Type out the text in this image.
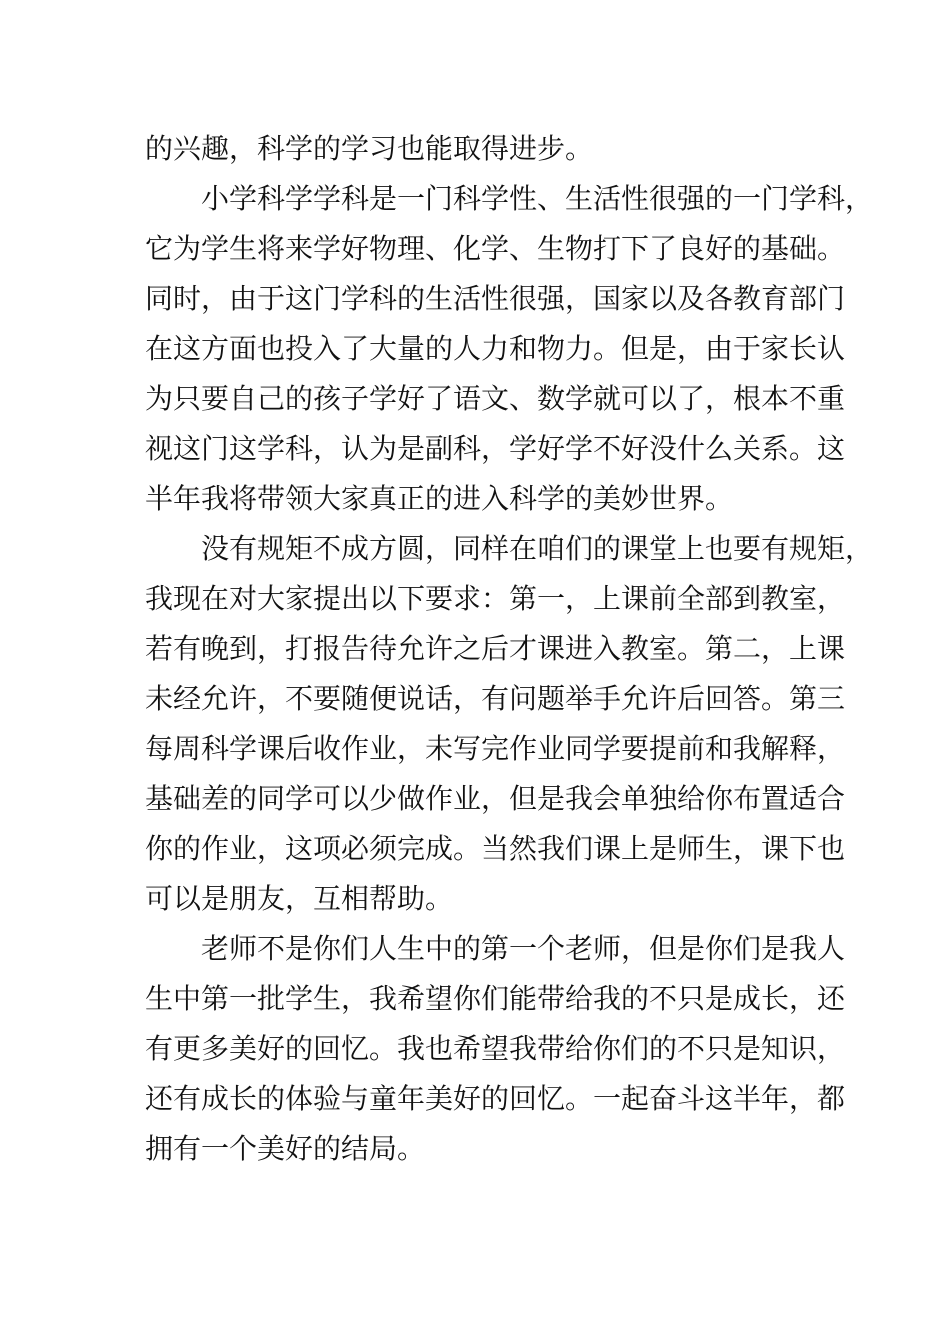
的兴趣，科学的学习也能取得进步。
小学科学学科是一门科学性、生活性很强的一门学科，
它为学生将来学好物理、化学、生物打下了良好的基础。
同时，由于这门学科的生活性很强，国家以及各教育部门
在这方面也投入了大量的人力和物力。但是，由于家长认
为只要自己的孩子学好了语文、数学就可以了，根本不重
视这门这学科，认为是副科，学好学不好没什么关系。这
半年我将带领大家真正的进入科学的美妙世界。
没有规矩不成方圆，同样在咱们的课堂上也要有规矩，
我现在对大家提出以下要求：第一，上课前全部到教室，
若有晚到，打报告待允许之后才课进入教室。第二，上课
未经允许，不要随便说话，有问题举手允许后回答。第三
每周科学课后收作业，未写完作业同学要提前和我解释，
基础差的同学可以少做作业，但是我会单独给你布置适合
你的作业，这项必须完成。当然我们课上是师生，课下也
可以是朋友，互相帮助。
老师不是你们人生中的第一个老师，但是你们是我人
生中第一批学生，我希望你们能带给我的不只是成长，还
有更多美好的回忆。我也希望我带给你们的不只是知识，
还有成长的体验与童年美好的回忆。一起奋斗这半年，都
拥有一个美好的结局。
